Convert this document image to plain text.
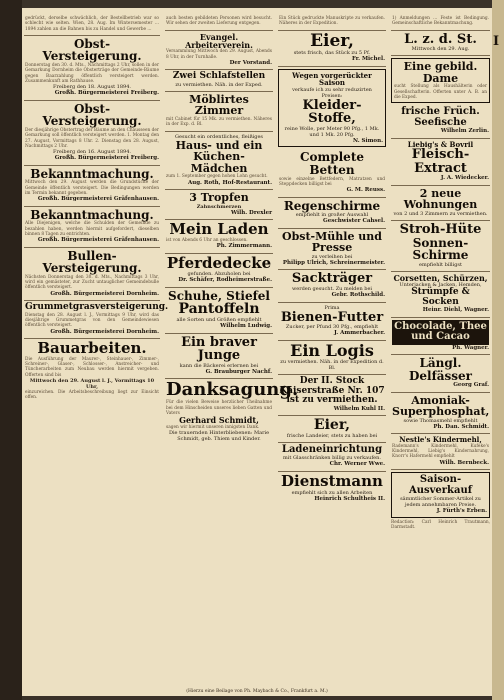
gedrückt, derselbe schwächlich, der Bestellbetrieb war so schlecht wie selten. Wien, 28. Aug. Im Wintersemester ... 1894 zahlen an die Bahnen bis zu Handel und Gewerbe ...
Obst-Versteigerung.
Donnerstag den 30. d. Mts., Nachmittags 2 Uhr, sollen in der Gemarkung Dornheim die Obsterträge der Gemeinde-Bäume gegen Baarzahlung öffentlich versteigert werden. Zusammenkunft am Rathhause.
Freiberg den 18. August 1894.
Großh. Bürgermeisterei Freiberg.
Obst-Versteigerung.
Der diesjährige Obstertrag der Bäume an den Chausseen der Gemarkung soll öffentlich versteigert werden. 1. Montag den 27. August, Vormittags 8 Uhr. 2. Dienstag den 28. August, Nachmittags 2 Uhr.
Freiberg den 16. August 1894.
Großh. Bürgermeisterei Freiberg.
Bekanntmachung.
Mittwoch den 29. August werden die Grundstücke der Gemeinde öffentlich versteigert. Die Bedingungen werden im Termin bekannt gegeben.
Großh. Bürgermeisterei Gräfenhausen.
Bekanntmachung.
Alle Diejenigen, welche die Schulden der Gemeinde zu bezahlen haben, werden hiermit aufgefordert, dieselben binnen 8 Tagen zu entrichten.
Großh. Bürgermeisterei Gräfenhausen.
Bullen-Versteigerung.
Nächsten Donnerstag den 30. d. Mts., Nachmittags 3 Uhr, wird ein gemästeter, zur Zucht untauglicher Gemeindebulle öffentlich versteigert.
Großh. Bürgermeisterei Dornheim.
Grummetgrasversteigerung.
Dienstag den 28. August l. J., Vormittags 9 Uhr, wird das diesjährige Grummetgras von den Gemeindewiesen öffentlich versteigert.
Großh. Bürgermeisterei Dornheim.
Bauarbeiten.
Die Ausführung der Maurer-, Steinhauer-, Zimmer-, Schreiner-, Glaser-, Schlosser-, Anstreicher- und Tüncherarbeiten zum Neubau werden hiermit vergeben. Offerten sind bis
Mittwoch den 29. August l. J., Vormittags 10 Uhr,
einzureichen. Die Arbeitsbeschreibung liegt zur Einsicht offen.
auch besten gebildeten Personen wird besucht. Wir sehen der zweiten Lieferung entgegen.
Evangel. Arbeiterverein.
Versammlung Mittwoch den 29. August, Abends 8 Uhr, in der Turnhalle.
Der Vorstand.
Zwei Schlafstellen
zu vermiethen. Näh. in der Exped.
Möblirtes Zimmer
mit Cabinet für 15 Mk. zu vermiethen. Näheres in der Exp. d. Bl.
Gesucht ein ordentliches, fleißiges
Haus- und ein Küchen-Mädchen
zum 1. September gegen hohen Lohn gesucht.
Aug. Roth, Hof-Restaurant.
3 Tropfen
Zahnschmerzen
Wilh. Drexler
Mein Laden
ist von Abends 6 Uhr an geschlossen.
Ph. Zimmermann.
Pferdedecke
gefunden. Abzuholen bei
Dr. Schäfer, Rodheimerstraße.
Schuhe, Stiefel
Pantoffeln
alle Sorten und Größen empfiehlt
Wilhelm Ludwig.
Ein braver Junge
kann die Bäckerei erlernen bei
G. Brauburger Nachf.
Danksagung.
Für die vielen Beweise herzlicher Theilnahme bei dem Hinscheiden unseres lieben Gatten und Vaters
Gerhard Schmidt,
sagen wir hiermit unseren innigsten Dank.
Die trauernden Hinterbliebenen: Marie Schmidt, geb. Thiem und Kinder.
Ein Stück gedruckte Manuskripte zu verkaufen. Näheres in der Expedition.
Eier,
stets frisch, das Stück zu 5 Pf.
Fr. Michel.
Wegen vorgerückter Saison
verkaufe ich zu sehr reduzirten Preisen:
Kleider-Stoffe,
reine Wolle, per Meter 90 Pfg., 1 Mk. und 1 Mk. 20 Pfg.
N. Simon.
Complete Betten
sowie einzelne Bettfedern, Matratzen und Steppdecken billigst bei
G. M. Reuss.
Regenschirme
empfiehlt in großer Auswahl
Geschwister Cahsel.
Obst-Mühle und Presse
zu verleihen bei
Philipp Ulrich, Schreinermeister.
Sackträger
werden gesucht. Zu melden bei
Gebr. Rothschild.
Prima
Bienen-Futter
Zucker, per Pfund 30 Pfg., empfiehlt
J. Ammerbacher.
Ein Logis
zu vermiethen. Näh. in der Expedition d. Bl.
Der II. Stock Kaiserstraße Nr. 107 ist zu vermiethen.
Wilhelm Kuhl II.
Eier,
frische Landeier, stets zu haben bei
Ladeneinrichtung
mit Glasschränken billig zu verkaufen.
Chr. Werner Wwe.
Dienstmann
empfiehlt sich zu allen Arbeiten
Heinrich Schultheis II.
1) Anmeldungen ... Feste ist Bedingung. Gemeinschaftliche Bekanntmachung.
L. z. d. St.
Mittwoch den 29. Aug.
Eine gebild. Dame
sucht Stellung als Haushälterin oder Gesellschafterin. Offerten unter A. B. an die Exped.
frische Früch. Seefische
Wilhelm Zerlin.
Liebig's & Bovril
Fleisch-Extract
J. A. Wiedecker.
2 neue Wohnungen
von 2 und 3 Zimmern zu vermiethen.
Stroh-Hüte
Sonnen-Schirme
empfiehlt billigst
Corsetten, Schürzen,
Unterjacken & Jacken, Hemden,
Strümpfe & Socken
Heinr. Diehl, Wagner.
Chocolade, Thee und Cacao
Ph. Wagner.
Längl. Delfässer
Georg Graf.
Amoniak-Superphosphat,
sowie Thomasmehl empfiehlt
Ph. Dan. Schmidt.
Nestle's Kindermehl,
Rademann's Kindermehl, Kufeke's Kindermehl, Liebig's Kindernahrung, Knorr's Hafermehl empfiehlt
Wilh. Bernbeck.
Saison-Ausverkauf
sämmtlicher Sommer-Artikel zu jedem annehmbaren Preise.
J. Fürth's Erben.
Redaction: Carl Heinrich Trautmann, Darmstadt.
(Hierzu eine Beilage von Ph. Maybach & Co., Frankfurt a. M.)
I
